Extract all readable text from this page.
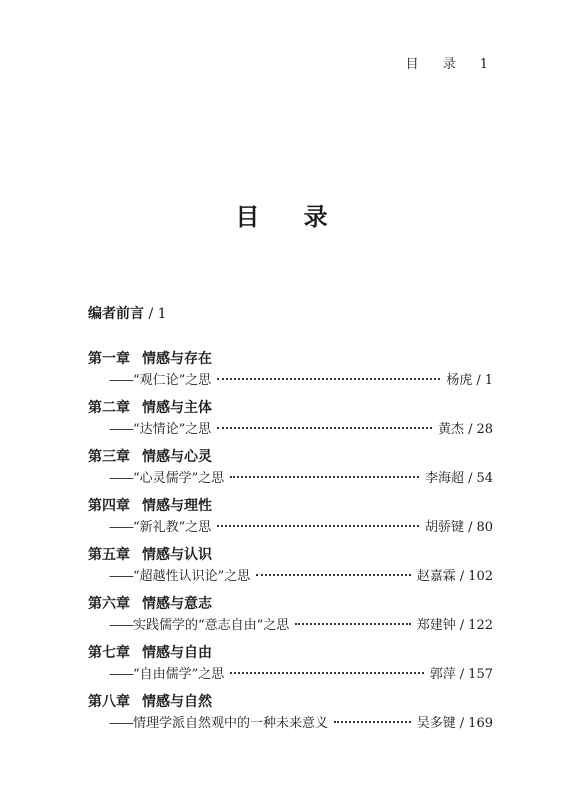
目 录 1
目 录
编者前言 / 1
第一章 情感与存在
—— “观仁论”之思	杨虎 / 1
第二章 情感与主体
—— “达情论”之思	黄杰 / 28
第三章 情感与心灵
—— “心灵儒学”之思	李海超 / 54
第四章 情感与理性
—— “新礼教”之思	胡骄键 / 80
第五章 情感与认识
—— “超越性认识论”之思	赵嘉霖 / 102
第六章 情感与意志
—— 实践儒学的“意志自由”之思	郑建钟 / 122
第七章 情感与自由
—— “自由儒学”之思	郭萍 / 157
第八章 情感与自然
—— 情理学派自然观中的一种未来意义	吴多键 / 169
